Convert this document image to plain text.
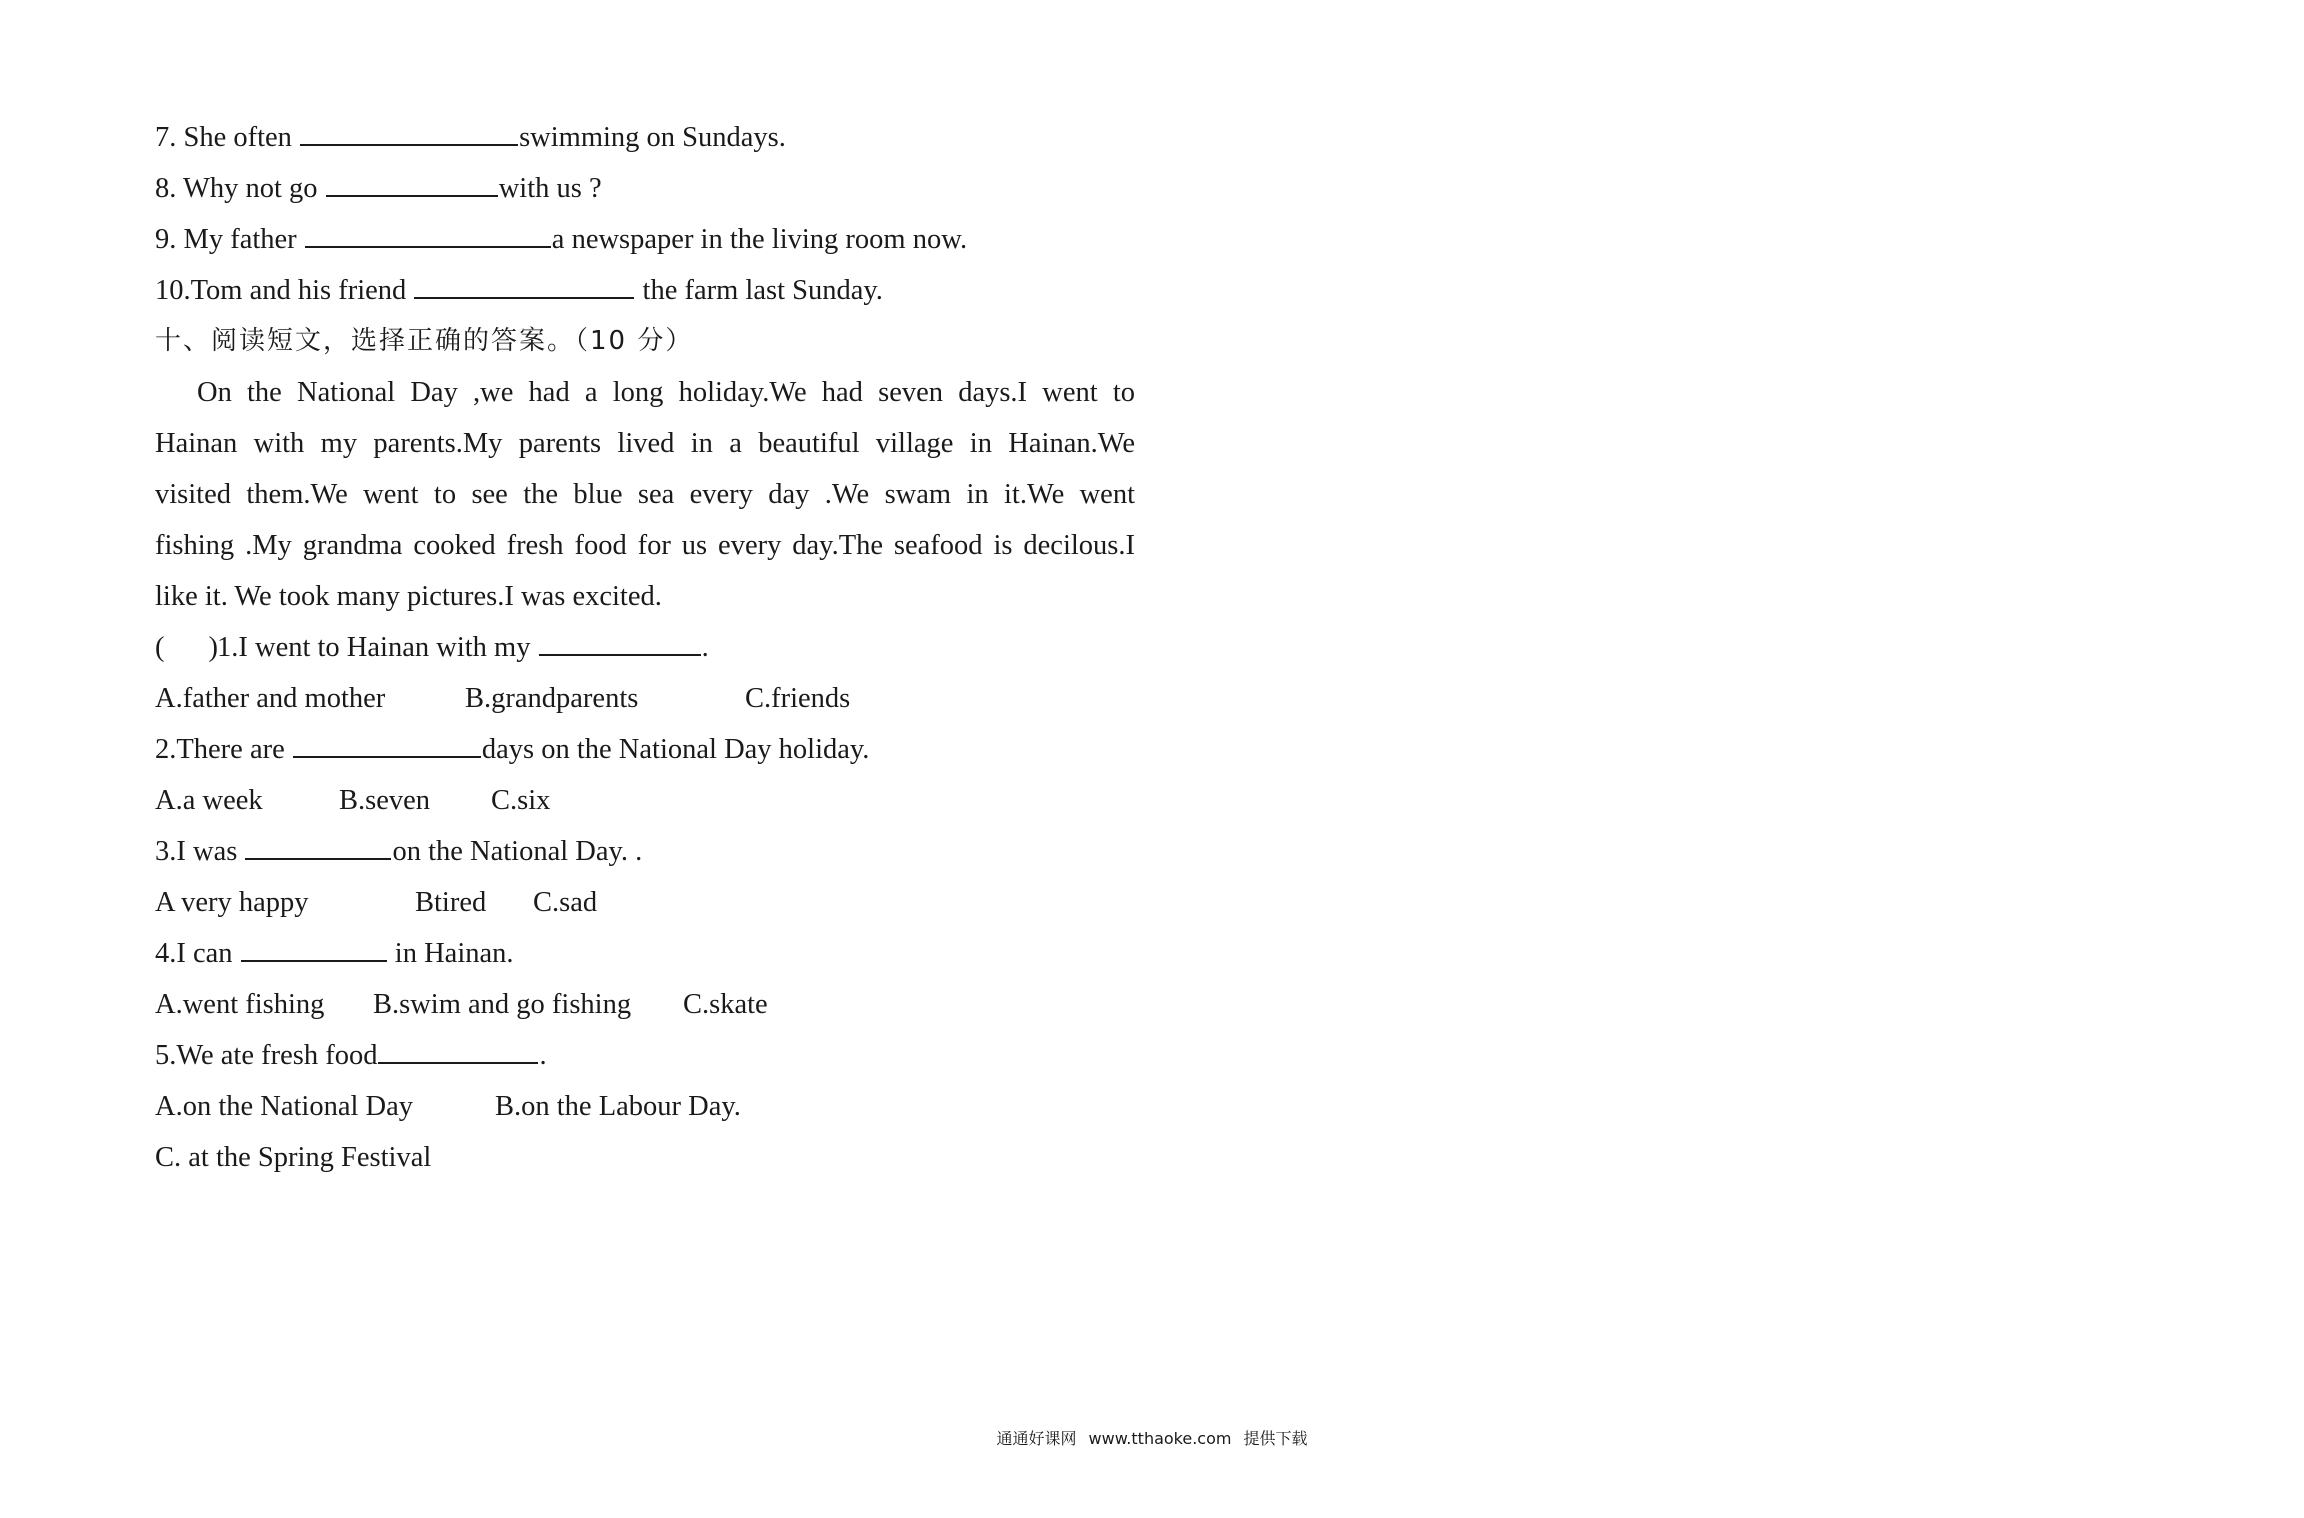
7. She often	swimming on Sundays.
8. Why not go	with us ?
9. My father	a newspaper in the living room now.
10.Tom and his friend	the farm last Sunday.
十、阅读短文，选择正确的答案。（10 分）
On the National Day ,we had a long holiday.We had seven days.I went to
Hainan with my parents.My parents lived in a beautiful village in Hainan.We
visited them.We went to see the blue sea every day .We swam in it.We went
fishing .My grandma cooked fresh food for us every day.The seafood is decilous.I
like it. We took many pictures.I was excited.
( )1.I went to Hainan with my	.
A.father and mother	B.grandparents	C.friends
2.There are	days on the National Day holiday.
A.a week	B.seven C.six
3.I was	on the National Day. .
A very happy	Btired C.sad
4.I can	in Hainan.
A.went fishing B.swim and go fishing C.skate
5.We ate fresh food	.
A.on the National Day	B.on the Labour Day.
C. at the Spring Festival
通通好课网 www.tthaoke.com 提供下载
